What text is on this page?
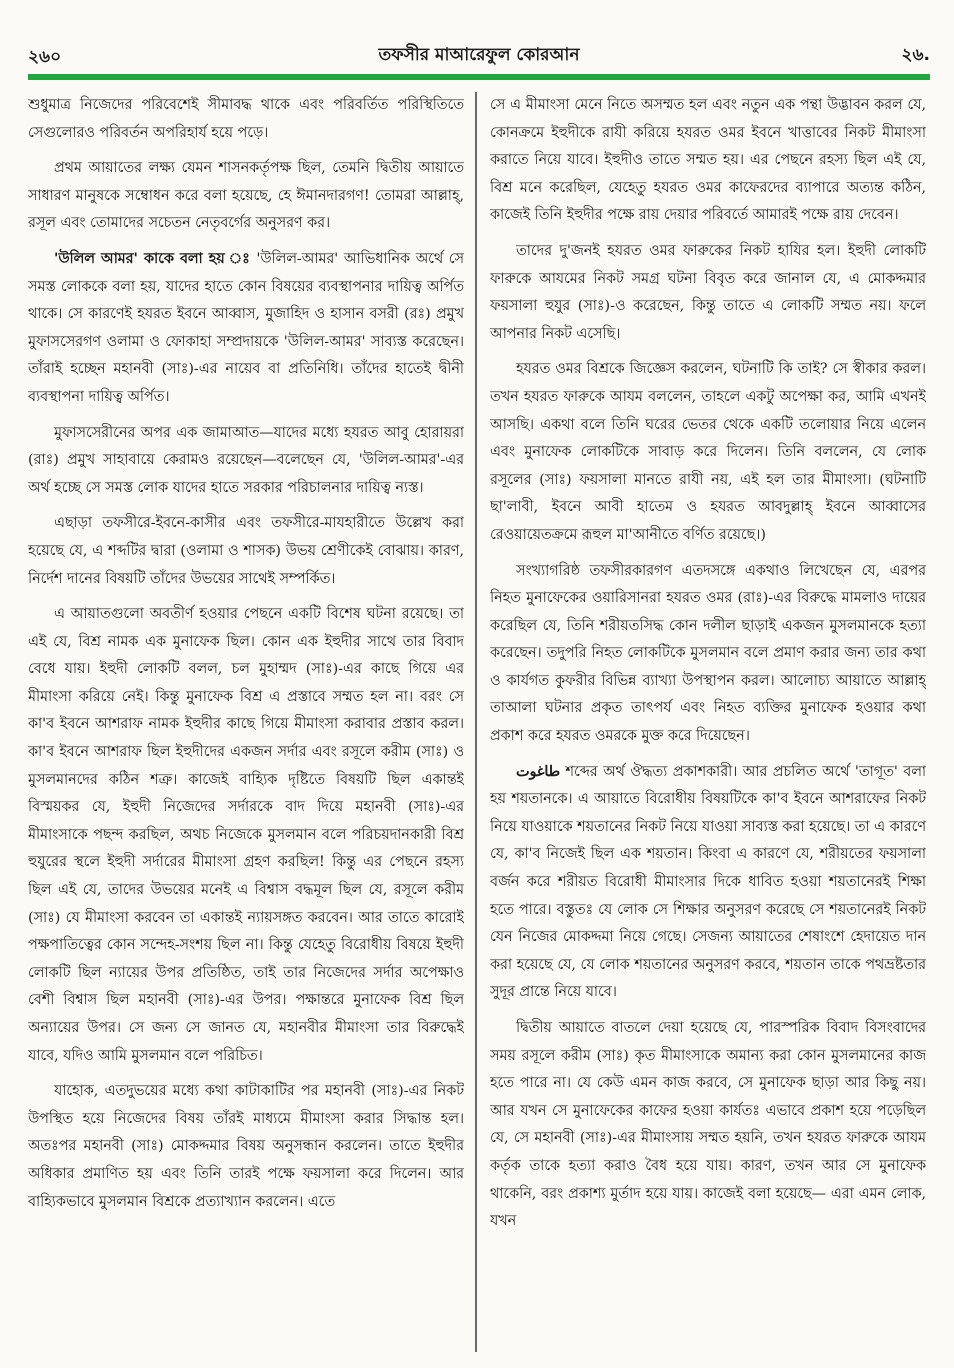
২৬০	তফসীর মাআরেফুল কোরআন	২৬.

শুধুমাত্র নিজেদের পরিবেশেই সীমাবদ্ধ থাকে এবং পরিবর্তিত পরিস্থিতিতে সেগুলোরও পরিবর্তন অপরিহার্য হয়ে পড়ে।

প্রথম আয়াতের লক্ষ্য যেমন শাসনকর্তৃপক্ষ ছিল, তেমনি দ্বিতীয় আয়াতে সাধারণ মানুষকে সম্বোধন করে বলা হয়েছে, হে ঈমানদারগণ! তোমরা আল্লাহ্, রসূল এবং তোমাদের সচেতন নেতৃবর্গের অনুসরণ কর।

'উলিল আমর' কাকে বলা হয় ঃ 'উলিল-আমর' আভিধানিক অর্থে সে সমস্ত লোককে বলা হয়, যাদের হাতে কোন বিষয়ের ব্যবস্থাপনার দায়িত্ব অর্পিত থাকে। সে কারণেই হযরত ইবনে আব্বাস, মুজাহিদ ও হাসান বসরী (রঃ) প্রমুখ মুফাসসেরগণ ওলামা ও ফোকাহা সম্প্রদায়কে 'উলিল-আমর' সাব্যস্ত করেছেন। তাঁরাই হচ্ছেন মহানবী (সাঃ)-এর নায়েব বা প্রতিনিধি। তাঁদের হাতেই দ্বীনী ব্যবস্থাপনা দায়িত্ব অর্পিত।

মুফাসসেরীনের অপর এক জামাআত—যাদের মধ্যে হযরত আবু হোরায়রা (রাঃ) প্রমুখ সাহাবায়ে কেরামও রয়েছেন—বলেছেন যে, 'উলিল-আমর'-এর অর্থ হচ্ছে সে সমস্ত লোক যাদের হাতে সরকার পরিচালনার দায়িত্ব ন্যস্ত।

এছাড়া তফসীরে-ইবনে-কাসীর এবং তফসীরে-মাযহারীতে উল্লেখ করা হয়েছে যে, এ শব্দটির দ্বারা (ওলামা ও শাসক) উভয় শ্রেণীকেই বোঝায়। কারণ, নির্দেশ দানের বিষয়টি তাঁদের উভয়ের সাথেই সম্পর্কিত।

এ আয়াতগুলো অবতীর্ণ হওয়ার পেছনে একটি বিশেষ ঘটনা রয়েছে। তা এই যে, বিশ্র নামক এক মুনাফেক ছিল। কোন এক ইহুদীর সাথে তার বিবাদ বেধে যায়। ইহুদী লোকটি বলল, চল মুহাম্মদ (সাঃ)-এর কাছে গিয়ে এর মীমাংসা করিয়ে নেই। কিন্তু মুনাফেক বিশ্র এ প্রস্তাবে সম্মত হল না। বরং সে কা'ব ইবনে আশরাফ নামক ইহুদীর কাছে গিয়ে মীমাংসা করাবার প্রস্তাব করল। কা'ব ইবনে আশরাফ ছিল ইহুদীদের একজন সর্দার এবং রসূলে করীম (সাঃ) ও মুসলমানদের কঠিন শত্রু। কাজেই বাহ্যিক দৃষ্টিতে বিষয়টি ছিল একান্তই বিস্ময়কর যে, ইহুদী নিজেদের সর্দারকে বাদ দিয়ে মহানবী (সাঃ)-এর মীমাংসাকে পছন্দ করছিল, অথচ নিজেকে মুসলমান বলে পরিচয়দানকারী বিশ্র হুযুরের স্থলে ইহুদী সর্দারের মীমাংসা গ্রহণ করছিল! কিন্তু এর পেছনে রহস্য ছিল এই যে, তাদের উভয়ের মনেই এ বিশ্বাস বদ্ধমূল ছিল যে, রসূলে করীম (সাঃ) যে মীমাংসা করবেন তা একান্তই ন্যায়সঙ্গত করবেন। আর তাতে কারোই পক্ষপাতিত্বের কোন সন্দেহ-সংশয় ছিল না। কিন্তু যেহেতু বিরোধীয় বিষয়ে ইহুদী লোকটি ছিল ন্যায়ের উপর প্রতিষ্ঠিত, তাই তার নিজেদের সর্দার অপেক্ষাও বেশী বিশ্বাস ছিল মহানবী (সাঃ)-এর উপর। পক্ষান্তরে মুনাফেক বিশ্র ছিল অন্যায়ের উপর। সে জন্য সে জানত যে, মহানবীর মীমাংসা তার বিরুদ্ধেই যাবে, যদিও আমি মুসলমান বলে পরিচিত।

যাহোক, এতদুভয়ের মধ্যে কথা কাটাকাটির পর মহানবী (সাঃ)-এর নিকট উপস্থিত হয়ে নিজেদের বিষয় তাঁরই মাধ্যমে মীমাংসা করার সিদ্ধান্ত হল। অতঃপর মহানবী (সাঃ) মোকদ্দমার বিষয় অনুসন্ধান করলেন। তাতে ইহুদীর অধিকার প্রমাণিত হয় এবং তিনি তারই পক্ষে ফয়সালা করে দিলেন। আর বাহ্যিকভাবে মুসলমান বিশ্রকে প্রত্যাখ্যান করলেন। এতে

সে এ মীমাংসা মেনে নিতে অসম্মত হল এবং নতুন এক পন্থা উদ্ভাবন করল যে, কোনক্রমে ইহুদীকে রাযী করিয়ে হযরত ওমর ইবনে খাত্তাবের নিকট মীমাংসা করাতে নিয়ে যাবে। ইহুদীও তাতে সম্মত হয়। এর পেছনে রহস্য ছিল এই যে, বিশ্র মনে করেছিল, যেহেতু হযরত ওমর কাফেরদের ব্যাপারে অত্যন্ত কঠিন, কাজেই তিনি ইহুদীর পক্ষে রায় দেয়ার পরিবর্তে আমারই পক্ষে রায় দেবেন।

তাদের দু'জনই হযরত ওমর ফারুকের নিকট হাযির হল। ইহুদী লোকটি ফারুকে আযমের নিকট সমগ্র ঘটনা বিবৃত করে জানাল যে, এ মোকদ্দমার ফয়সালা হুযুর (সাঃ)-ও করেছেন, কিন্তু তাতে এ লোকটি সম্মত নয়। ফলে আপনার নিকট এসেছি।

হযরত ওমর বিশ্রকে জিজ্ঞেস করলেন, ঘটনাটি কি তাই? সে স্বীকার করল। তখন হযরত ফারুকে আযম বললেন, তাহলে একটু অপেক্ষা কর, আমি এখনই আসছি। একথা বলে তিনি ঘরের ভেতর থেকে একটি তলোয়ার নিয়ে এলেন এবং মুনাফেক লোকটিকে সাবাড় করে দিলেন। তিনি বললেন, যে লোক রসূলের (সাঃ) ফয়সালা মানতে রাযী নয়, এই হল তার মীমাংসা। (ঘটনাটি ছা'লাবী, ইবনে আবী হাতেম ও হযরত আবদুল্লাহ্ ইবনে আব্বাসের রেওয়ায়েতক্রমে রূহুল মা'আনীতে বর্ণিত রয়েছে।)

সংখ্যাগরিষ্ঠ তফসীরকারগণ এতদসঙ্গে একথাও লিখেছেন যে, এরপর নিহত মুনাফেকের ওয়ারিসানরা হযরত ওমর (রাঃ)-এর বিরুদ্ধে মামলাও দায়ের করেছিল যে, তিনি শরীয়তসিদ্ধ কোন দলীল ছাড়াই একজন মুসলমানকে হত্যা করেছেন। তদুপরি নিহত লোকটিকে মুসলমান বলে প্রমাণ করার জন্য তার কথা ও কার্যগত কুফরীর বিভিন্ন ব্যাখ্যা উপস্থাপন করল। আলোচ্য আয়াতে আল্লাহ্ তাআলা ঘটনার প্রকৃত তাৎপর্য এবং নিহত ব্যক্তির মুনাফেক হওয়ার কথা প্রকাশ করে হযরত ওমরকে মুক্ত করে দিয়েছেন।

طاغوت শব্দের অর্থ ঔদ্ধত্য প্রকাশকারী। আর প্রচলিত অর্থে 'তাগূত' বলা হয় শয়তানকে। এ আয়াতে বিরোধীয় বিষয়টিকে কা'ব ইবনে আশরাফের নিকট নিয়ে যাওয়াকে শয়তানের নিকট নিয়ে যাওয়া সাব্যস্ত করা হয়েছে। তা এ কারণে যে, কা'ব নিজেই ছিল এক শয়তান। কিংবা এ কারণে যে, শরীয়তের ফয়সালা বর্জন করে শরীয়ত বিরোধী মীমাংসার দিকে ধাবিত হওয়া শয়তানেরই শিক্ষা হতে পারে। বস্তুতঃ যে লোক সে শিক্ষার অনুসরণ করেছে সে শয়তানেরই নিকট যেন নিজের মোকদ্দমা নিয়ে গেছে। সেজন্য আয়াতের শেষাংশে হেদায়েত দান করা হয়েছে যে, যে লোক শয়তানের অনুসরণ করবে, শয়তান তাকে পথভ্রষ্টতার সুদূর প্রান্তে নিয়ে যাবে।

দ্বিতীয় আয়াতে বাতলে দেয়া হয়েছে যে, পারস্পরিক বিবাদ বিসংবাদের সময় রসূলে করীম (সাঃ) কৃত মীমাংসাকে অমান্য করা কোন মুসলমানের কাজ হতে পারে না। যে কেউ এমন কাজ করবে, সে মুনাফেক ছাড়া আর কিছু নয়। আর যখন সে মুনাফেকের কাফের হওয়া কার্যতঃ এভাবে প্রকাশ হয়ে পড়েছিল যে, সে মহানবী (সাঃ)-এর মীমাংসায় সম্মত হয়নি, তখন হযরত ফারুকে আযম কর্তৃক তাকে হত্যা করাও বৈধ হয়ে যায়। কারণ, তখন আর সে মুনাফেক থাকেনি, বরং প্রকাশ্য মুর্তাদ হয়ে যায়। কাজেই বলা হয়েছে— এরা এমন লোক, যখন
